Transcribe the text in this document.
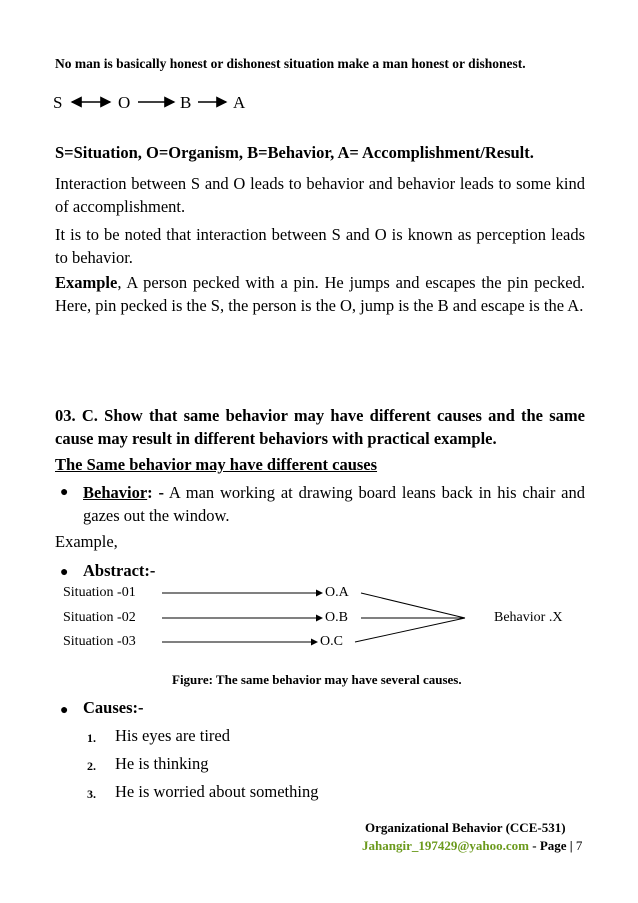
No man is basically honest or dishonest situation make a man honest or dishonest.
S	O	B A
S=Situation, O=Organism, B=Behavior, A= Accomplishment/Result.
Interaction between S and O leads to behavior and behavior leads to some kind of accomplishment.
It is to be noted that interaction between S and O is known as perception leads to behavior.
Example, A person pecked with a pin. He jumps and escapes the pin pecked. Here, pin pecked is the S, the person is the O, jump is the B and escape is the A.
03. C. Show that same behavior may have different causes and the same cause may result in different behaviors with practical example.
The Same behavior may have different causes
● Behavior: - A man working at drawing board leans back in his chair and gazes out the window.
Example,
● Abstract:-
Situation -01
Situation -02
Situation -03
O.A
O.B
O.C
Behavior .X
Figure: The same behavior may have several causes.
● Causes:-
1. His eyes are tired
2. He is thinking
3. He is worried about something
Organizational Behavior (CCE-531)
Jahangir_197429@yahoo.com - Page | 7
